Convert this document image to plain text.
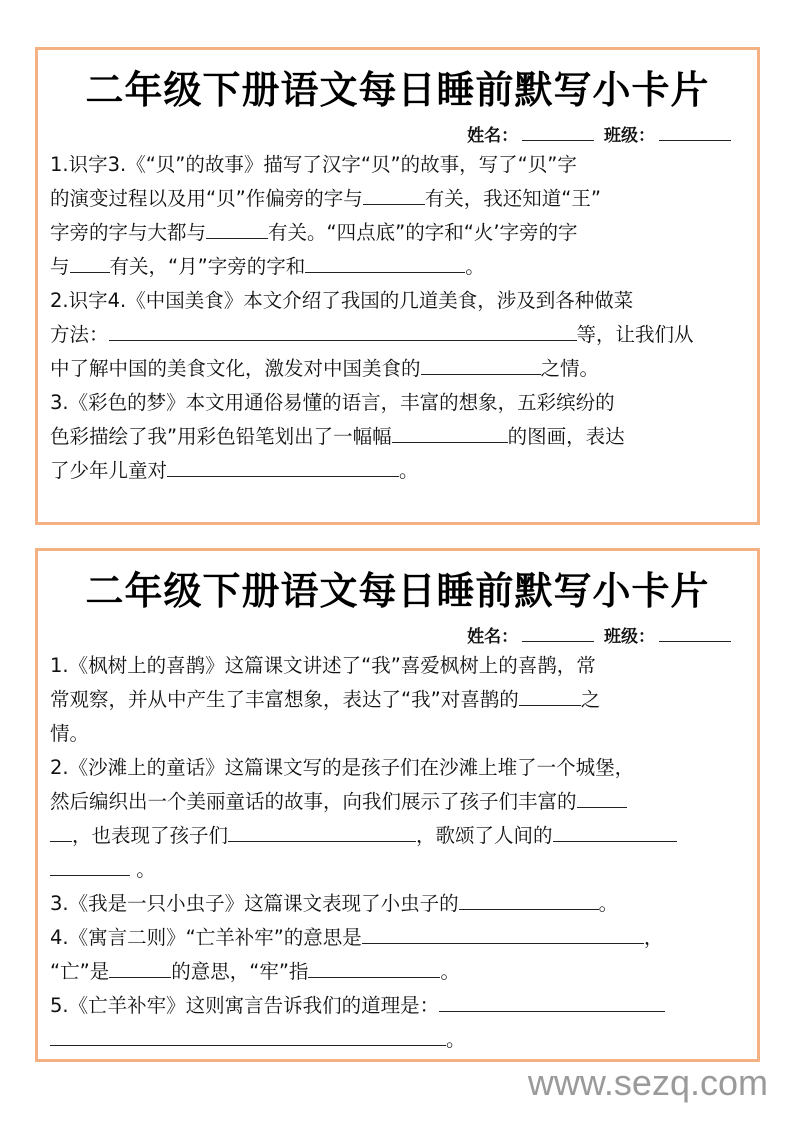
二年级下册语文每日睡前默写小卡片
姓名：	班级：
1.识字3.《“贝”的故事》描写了汉字“贝”的故事，写了“贝”字
的演变过程以及用“贝”作偏旁的字与	有关，我还知道“王”
字旁的字与大都与	有关。“四点底”的字和“火’字旁的字
与 有关，“月”字旁的字和	。
2.识字4.《中国美食》本文介绍了我国的几道美食，涉及到各种做菜
方法：	等，让我们从
中了解中国的美食文化，激发对中国美食的	之情。
3.《彩色的梦》本文用通俗易懂的语言，丰富的想象，五彩缤纷的
色彩描绘了我”用彩色铅笔划出了一幅幅	的图画，表达
了少年儿童对	。
二年级下册语文每日睡前默写小卡片
姓名：	班级：
1.《枫树上的喜鹊》这篇课文讲述了“我”喜爱枫树上的喜鹊，常
常观察，并从中产生了丰富想象，表达了“我”对喜鹊的	之
情。
2.《沙滩上的童话》这篇课文写的是孩子们在沙滩上堆了一个城堡，
然后编织出一个美丽童话的故事，向我们展示了孩子们丰富的
，也表现了孩子们	，歌颂了人间的
。
3.《我是一只小虫子》这篇课文表现了小虫子的	。
4.《寓言二则》“亡羊补牢”的意思是	，
“亡”是	的意思，“牢”指	。
5.《亡羊补牢》这则寓言告诉我们的道理是：
。
www.sezq.com
